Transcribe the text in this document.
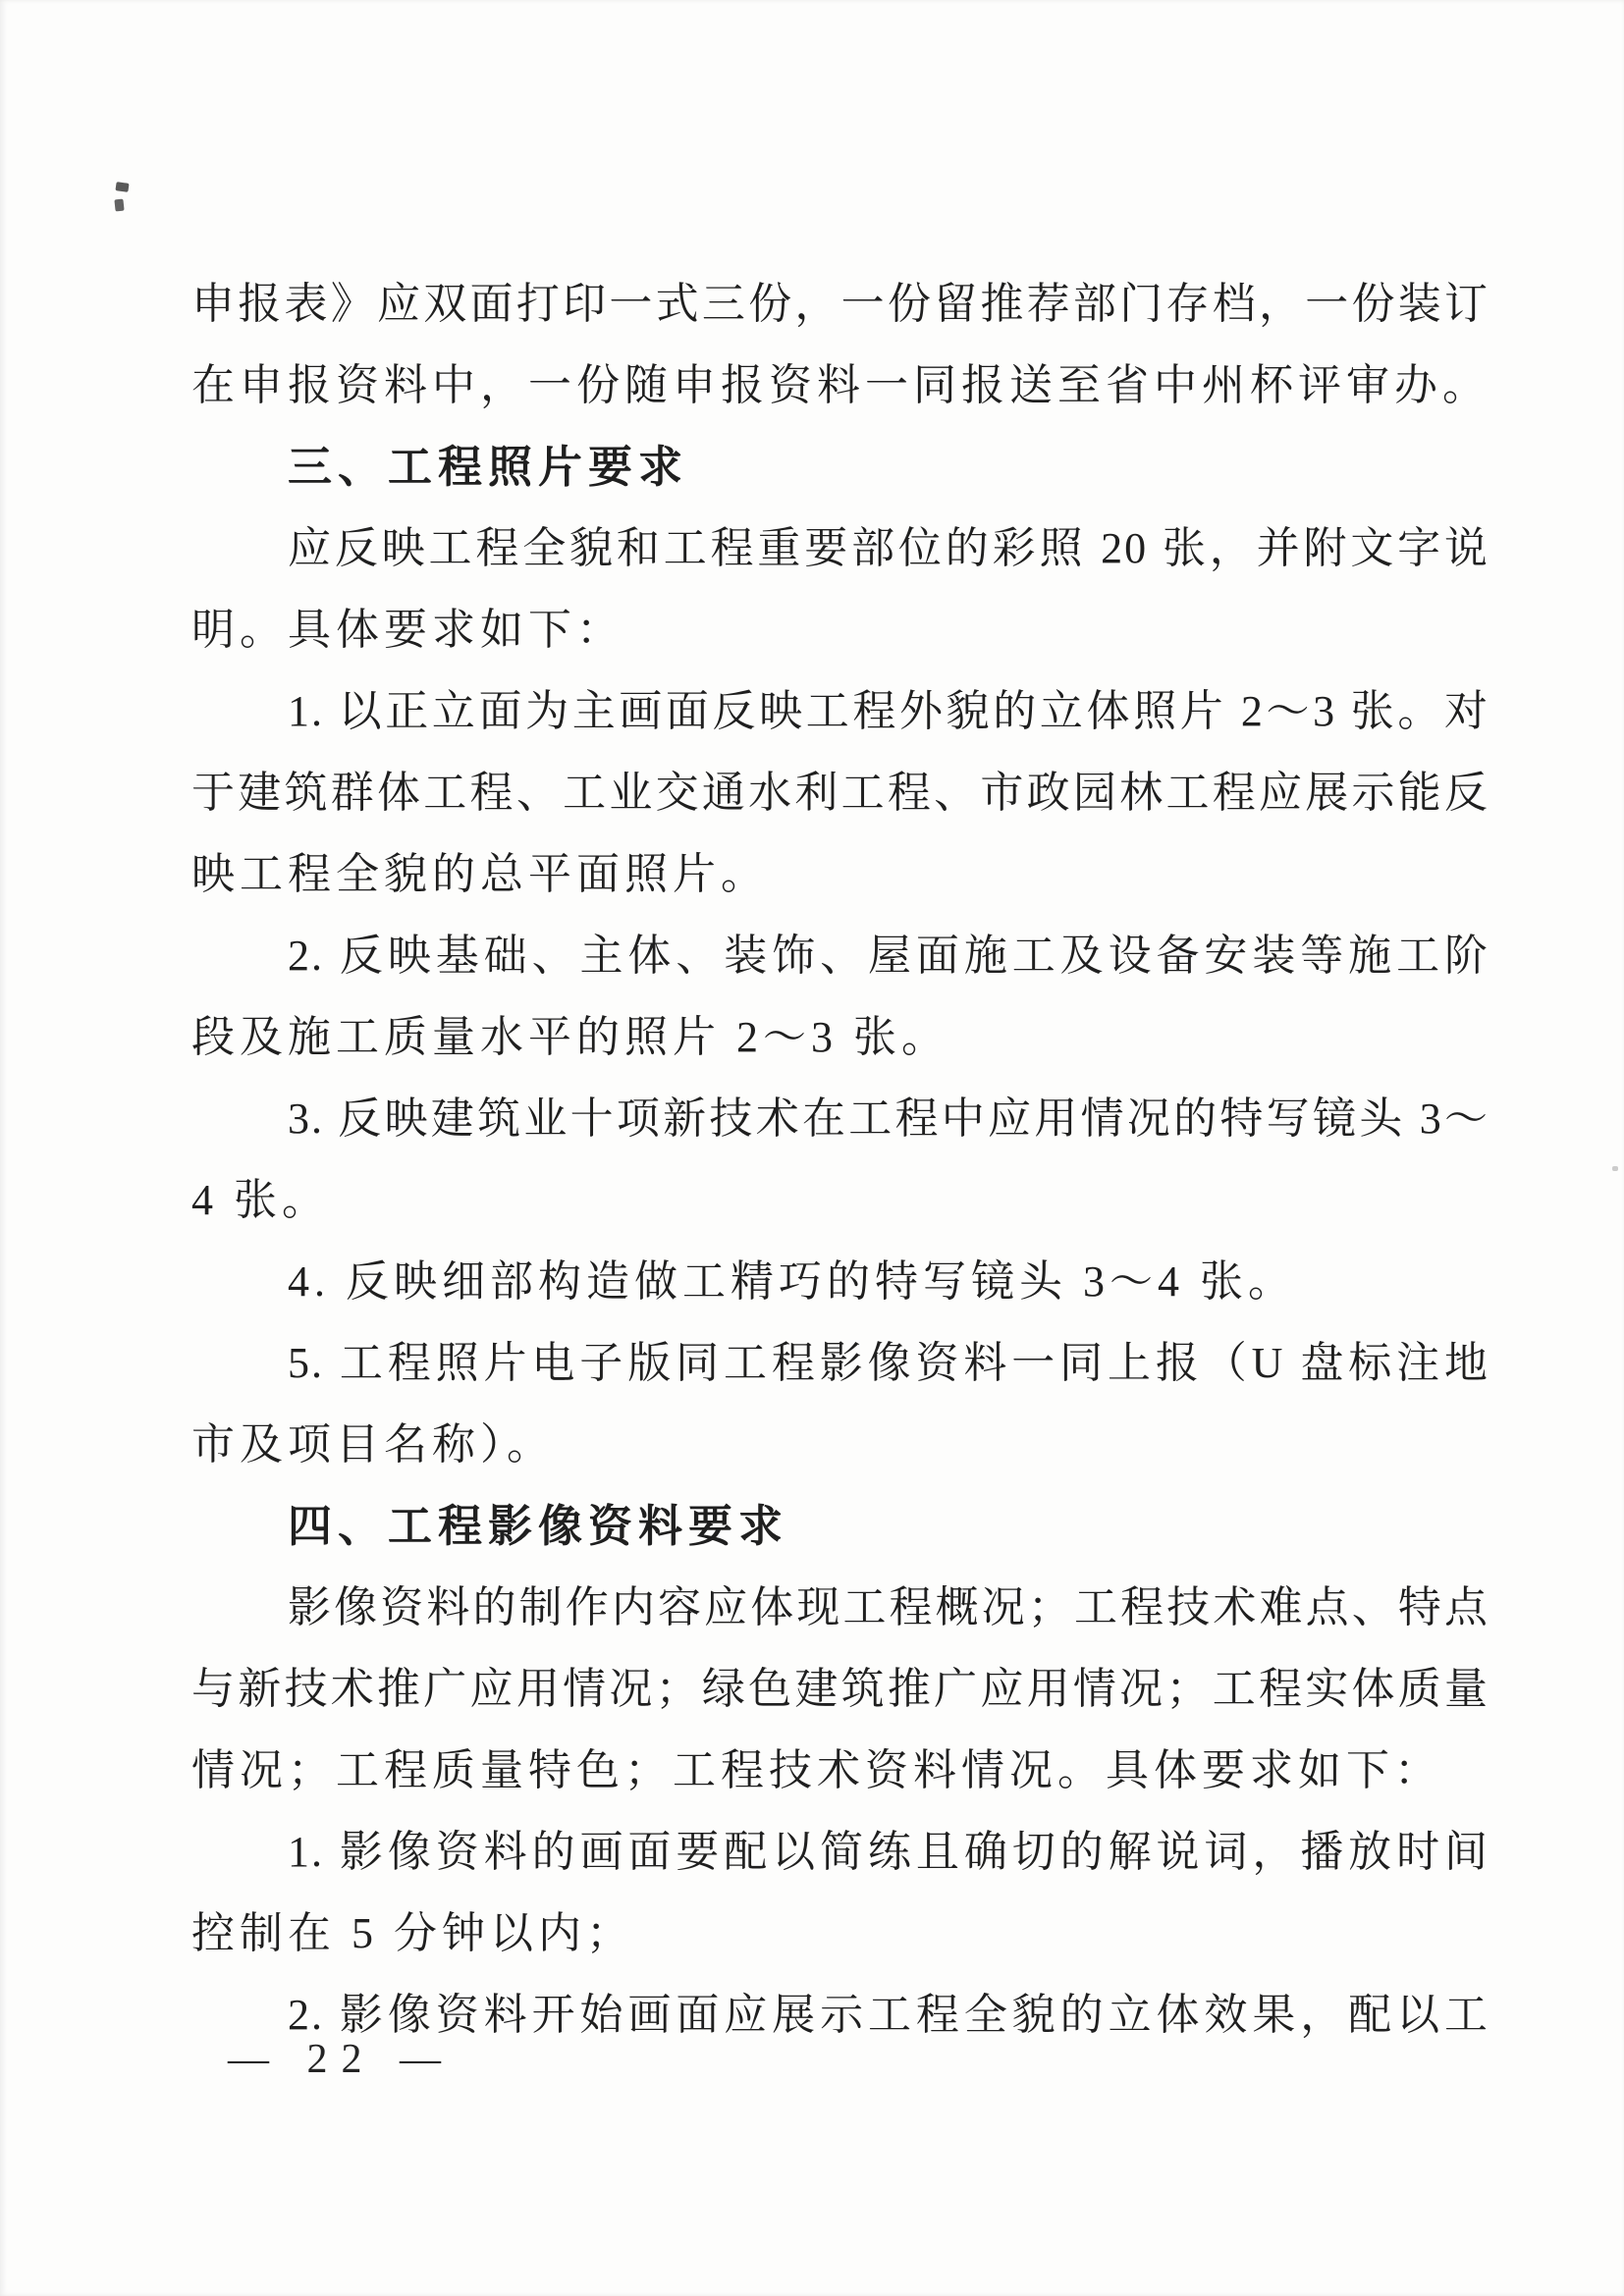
申报表》应双面打印一式三份，一份留推荐部门存档，一份装订
在申报资料中，一份随申报资料一同报送至省中州杯评审办。
三、工程照片要求
应反映工程全貌和工程重要部位的彩照 20 张，并附文字说
明。具体要求如下：
1. 以正立面为主画面反映工程外貌的立体照片 2～3 张。对
于建筑群体工程、工业交通水利工程、市政园林工程应展示能反
映工程全貌的总平面照片。
2. 反映基础、主体、装饰、屋面施工及设备安装等施工阶
段及施工质量水平的照片 2～3 张。
3. 反映建筑业十项新技术在工程中应用情况的特写镜头 3～
4 张。
4. 反映细部构造做工精巧的特写镜头 3～4 张。
5. 工程照片电子版同工程影像资料一同上报（U 盘标注地
市及项目名称）。
四、工程影像资料要求
影像资料的制作内容应体现工程概况；工程技术难点、特点
与新技术推广应用情况；绿色建筑推广应用情况；工程实体质量
情况；工程质量特色；工程技术资料情况。具体要求如下：
1. 影像资料的画面要配以简练且确切的解说词，播放时间
控制在 5 分钟以内；
2. 影像资料开始画面应展示工程全貌的立体效果，配以工
— 22 —
